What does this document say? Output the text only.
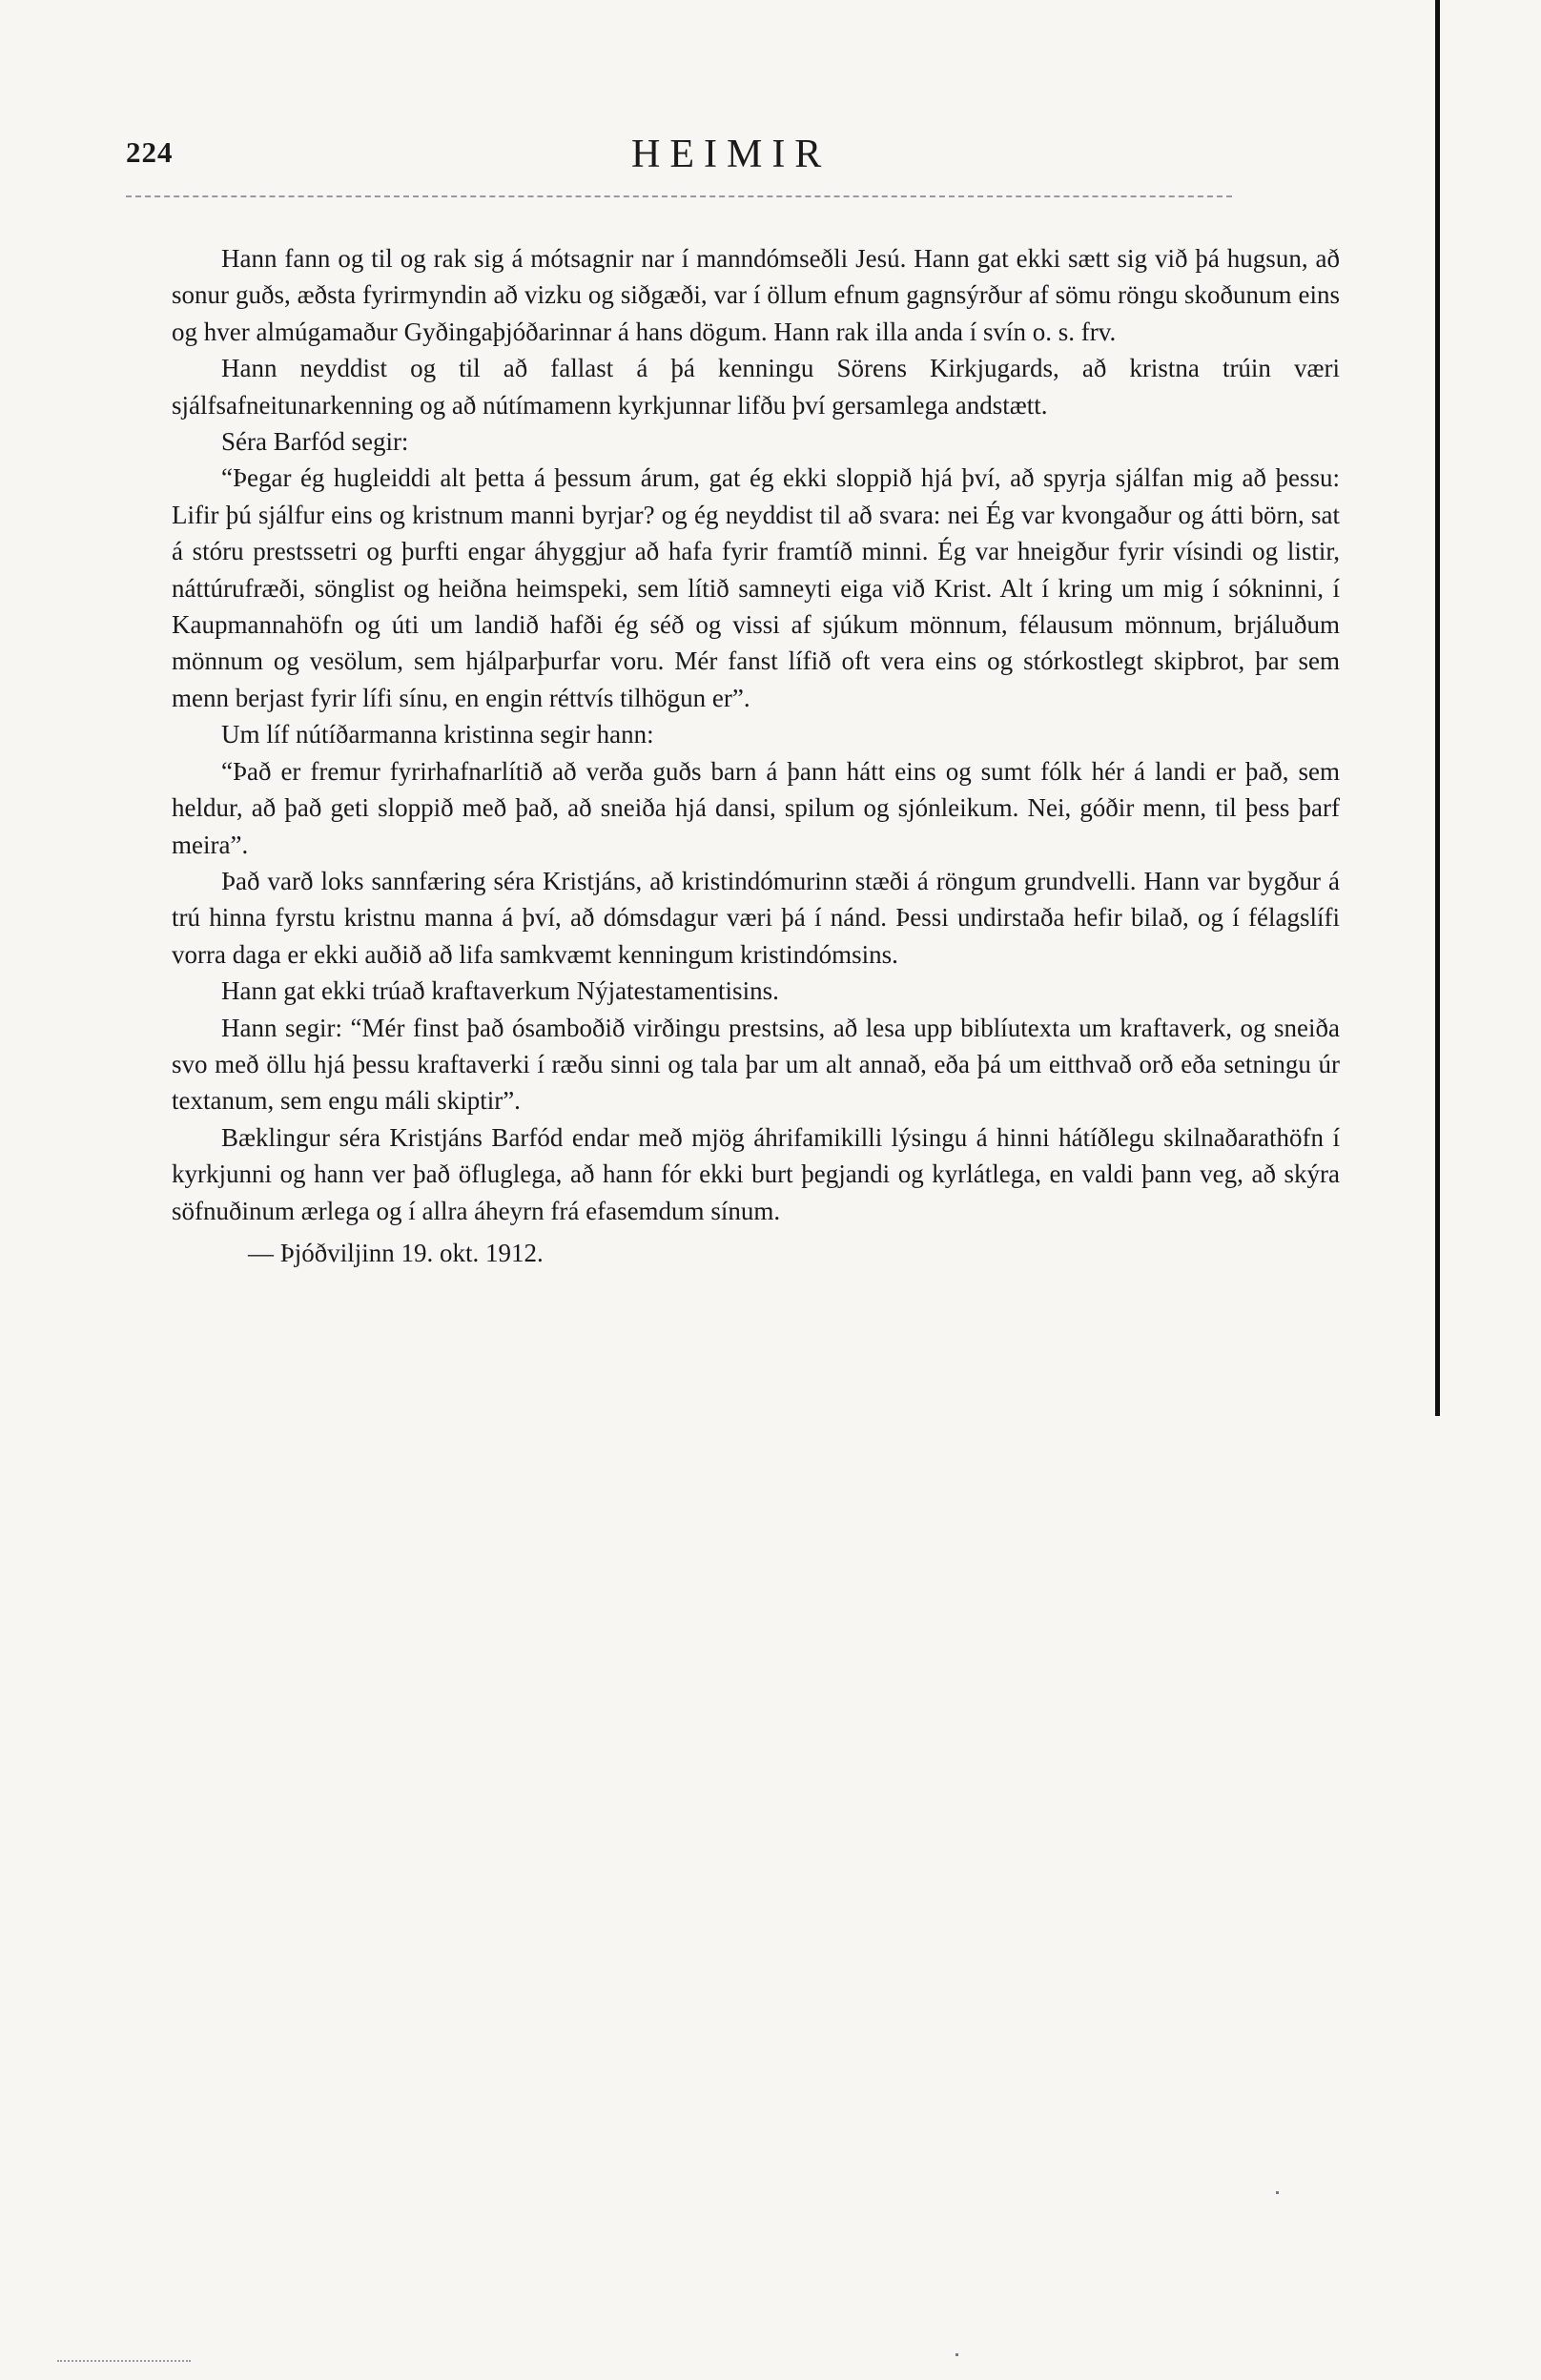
224	HEIMIR

Hann fann og til og rak sig á mótsagnir nar í manndómseðli Jesú. Hann gat ekki sætt sig við þá hugsun, að sonur guðs, æðsta fyrirmyndin að vizku og siðgæði, var í öllum efnum gagnsýrður af sömu röngu skoðunum eins og hver almúgamaður Gyðingaþjóðarinnar á hans dögum. Hann rak illa anda í svín o. s. frv.

Hann neyddist og til að fallast á þá kenningu Sörens Kirkjugards, að kristna trúin væri sjálfsafneitunarkenning og að nútímamenn kyrkjunnar lifðu því gersamlega andstætt.

Séra Barfód segir:

“Þegar ég hugleiddi alt þetta á þessum árum, gat ég ekki sloppið hjá því, að spyrja sjálfan mig að þessu: Lifir þú sjálfur eins og kristnum manni byrjar? og ég neyddist til að svara: nei Ég var kvongaður og átti börn, sat á stóru prestssetri og þurfti engar áhyggjur að hafa fyrir framtíð minni. Ég var hneigður fyrir vísindi og listir, náttúrufræði, sönglist og heiðna heimspeki, sem lítið samneyti eiga við Krist. Alt í kring um mig í sókninni, í Kaupmannahöfn og úti um landið hafði ég séð og vissi af sjúkum mönnum, félausum mönnum, brjáluðum mönnum og vesölum, sem hjálparþurfar voru. Mér fanst lífið oft vera eins og stórkostlegt skipbrot, þar sem menn berjast fyrir lífi sínu, en engin réttvís tilhögun er”.

Um líf nútíðarmanna kristinna segir hann:

“Það er fremur fyrirhafnarlítið að verða guðs barn á þann hátt eins og sumt fólk hér á landi er það, sem heldur, að það geti sloppið með það, að sneiða hjá dansi, spilum og sjónleikum. Nei, góðir menn, til þess þarf meira”.

Það varð loks sannfæring séra Kristjáns, að kristindómurinn stæði á röngum grundvelli. Hann var bygður á trú hinna fyrstu kristnu manna á því, að dómsdagur væri þá í nánd. Þessi undirstaða hefir bilað, og í félagslífi vorra daga er ekki auðið að lifa samkvæmt kenningum kristindómsins.

Hann gat ekki trúað kraftaverkum Nýjatestamentisins.

Hann segir: “Mér finst það ósamboðið virðingu prestsins, að lesa upp biblíutexta um kraftaverk, og sneiða svo með öllu hjá þessu kraftaverki í ræðu sinni og tala þar um alt annað, eða þá um eitthvað orð eða setningu úr textanum, sem engu máli skiptir”.

Bæklingur séra Kristjáns Barfód endar með mjög áhrifamikilli lýsingu á hinni hátíðlegu skilnaðarathöfn í kyrkjunni og hann ver það öfluglega, að hann fór ekki burt þegjandi og kyrlátlega, en valdi þann veg, að skýra söfnuðinum ærlega og í allra áheyrn frá efasemdum sínum.

— Þjóðviljinn 19. okt. 1912.
